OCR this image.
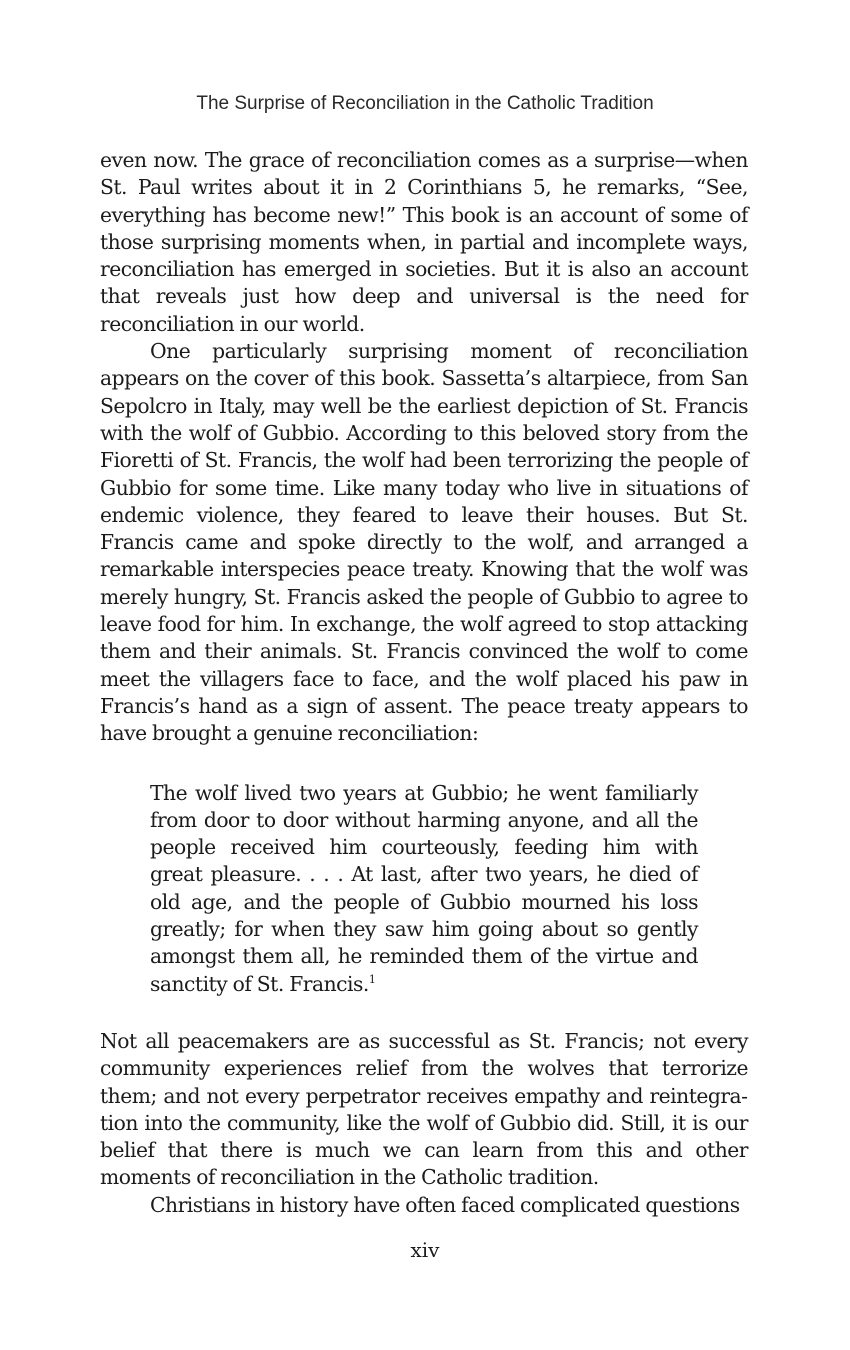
The Surprise of Reconciliation in the Catholic Tradition

even now. The grace of reconciliation comes as a surprise—when St. Paul writes about it in 2 Corinthians 5, he remarks, “See, everything has become new!” This book is an account of some of those surprising moments when, in partial and incomplete ways, reconciliation has emerged in societies. But it is also an account that reveals just how deep and universal is the need for reconciliation in our world.

One particularly surprising moment of reconciliation appears on the cover of this book. Sassetta’s altarpiece, from San Sepolcro in Italy, may well be the earliest depiction of St. Francis with the wolf of Gubbio. According to this beloved story from the Fioretti of St. Francis, the wolf had been terrorizing the people of Gubbio for some time. Like many today who live in situations of endemic violence, they feared to leave their houses. But St. Francis came and spoke directly to the wolf, and arranged a remarkable interspecies peace treaty. Knowing that the wolf was merely hungry, St. Francis asked the people of Gubbio to agree to leave food for him. In exchange, the wolf agreed to stop attacking them and their animals. St. Francis convinced the wolf to come meet the villagers face to face, and the wolf placed his paw in Francis’s hand as a sign of assent. The peace treaty appears to have brought a genuine reconciliation:

The wolf lived two years at Gubbio; he went familiarly from door to door without harming anyone, and all the people received him courteously, feeding him with great pleasure. . . . At last, after two years, he died of old age, and the people of Gubbio mourned his loss greatly; for when they saw him going about so gently amongst them all, he reminded them of the virtue and sanctity of St. Francis.$^1$

Not all peacemakers are as successful as St. Francis; not every community experiences relief from the wolves that terrorize them; and not every perpetrator receives empathy and reintegration into the community, like the wolf of Gubbio did. Still, it is our belief that there is much we can learn from this and other moments of reconciliation in the Catholic tradition.

Christians in history have often faced complicated questions

xiv
